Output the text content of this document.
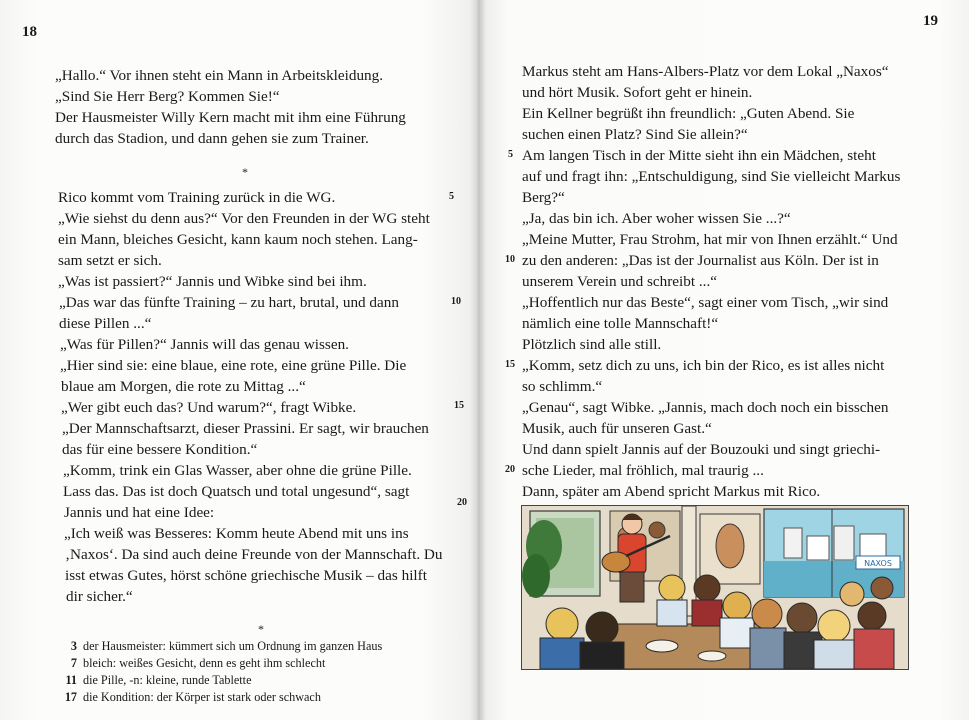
18
„Hallo.“ Vor ihnen steht ein Mann in Arbeitskleidung.
„Sind Sie Herr Berg? Kommen Sie!“
Der Hausmeister Willy Kern macht mit ihm eine Führung
durch das Stadion, und dann gehen sie zum Trainer.
*
Rico kommt vom Training zurück in die WG.	5
„Wie siehst du denn aus?“ Vor den Freunden in der WG steht
ein Mann, bleiches Gesicht, kann kaum noch stehen. Lang-
sam setzt er sich.
„Was ist passiert?“ Jannis und Wibke sind bei ihm.
„Das war das fünfte Training – zu hart, brutal, und dann	10
diese Pillen ...“
„Was für Pillen?“ Jannis will das genau wissen.
„Hier sind sie: eine blaue, eine rote, eine grüne Pille. Die
blaue am Morgen, die rote zu Mittag ...“
„Wer gibt euch das? Und warum?“, fragt Wibke.	15
„Der Mannschaftsarzt, dieser Prassini. Er sagt, wir brauchen
das für eine bessere Kondition.“
„Komm, trink ein Glas Wasser, aber ohne die grüne Pille.
Lass das. Das ist doch Quatsch und total ungesund“, sagt
Jannis und hat eine Idee:
20
„Ich weiß was Besseres: Komm heute Abend mit uns ins
‚Naxos‘. Da sind auch deine Freunde von der Mannschaft. Du
isst etwas Gutes, hörst schöne griechische Musik – das hilft
dir sicher.“
*
3 der Hausmeister: kümmert sich um Ordnung im ganzen Haus
7 bleich: weißes Gesicht, denn es geht ihm schlecht
11 die Pille, -n: kleine, runde Tablette
17 die Kondition: der Körper ist stark oder schwach
19
Markus steht am Hans-Albers-Platz vor dem Lokal „Naxos“
und hört Musik. Sofort geht er hinein.
Ein Kellner begrüßt ihn freundlich: „Guten Abend. Sie
suchen einen Platz? Sind Sie allein?“
5 Am langen Tisch in der Mitte sieht ihn ein Mädchen, steht
auf und fragt ihn: „Entschuldigung, sind Sie vielleicht Markus
Berg?“
„Ja, das bin ich. Aber woher wissen Sie ...?“
„Meine Mutter, Frau Strohm, hat mir von Ihnen erzählt.“ Und
10 zu den anderen: „Das ist der Journalist aus Köln. Der ist in
unserem Verein und schreibt ...“
„Hoffentlich nur das Beste“, sagt einer vom Tisch, „wir sind
nämlich eine tolle Mannschaft!“
Plötzlich sind alle still.
15 „Komm, setz dich zu uns, ich bin der Rico, es ist alles nicht
so schlimm.“
„Genau“, sagt Wibke. „Jannis, mach doch noch ein bisschen
Musik, auch für unseren Gast.“
Und dann spielt Jannis auf der Bouzouki und singt griechi-
20 sche Lieder, mal fröhlich, mal traurig ...
Dann, später am Abend spricht Markus mit Rico.
NAXOS
